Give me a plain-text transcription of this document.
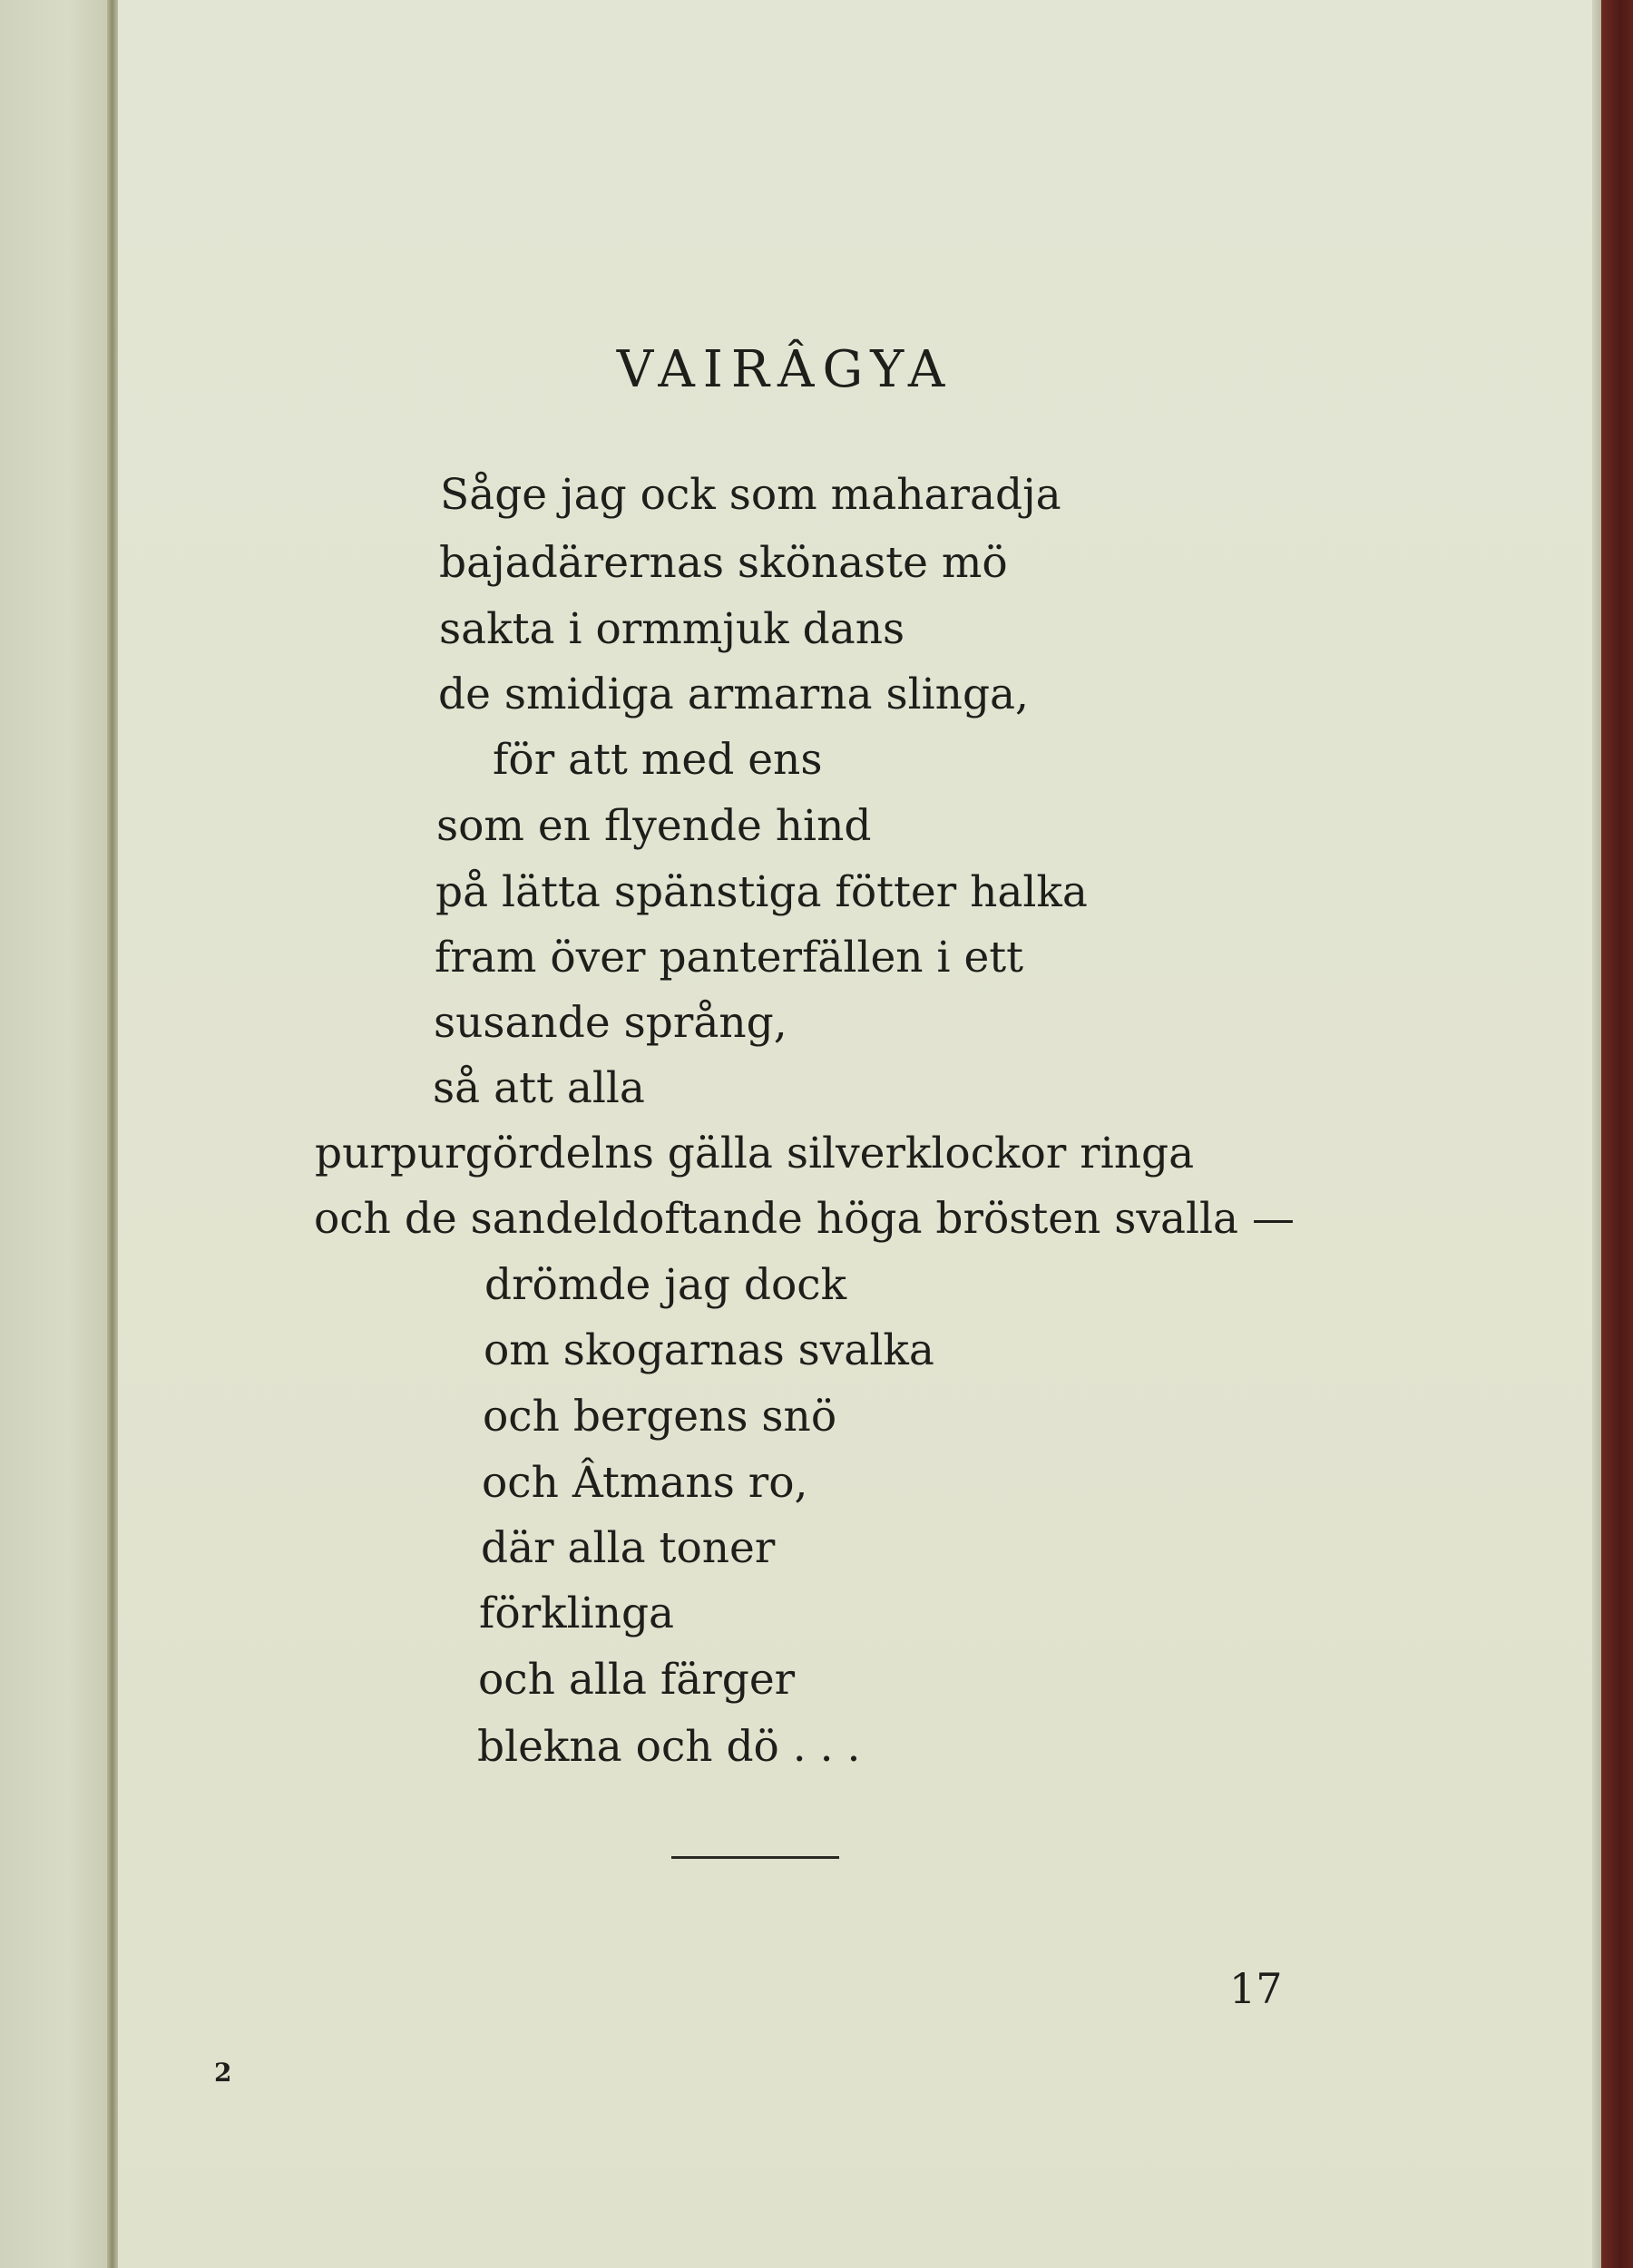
VAIRÂGYA
Såge jag ock som maharadja
bajadärernas skönaste mö
sakta i ormmjuk dans
de smidiga armarna slinga,
för att med ens
som en flyende hind
på lätta spänstiga fötter halka
fram över panterfällen i ett
susande språng,
så att alla
purpurgördelns gälla silverklockor ringa
och de sandeldoftande höga brösten svalla —
drömde jag dock
om skogarnas svalka
och bergens snö
och Âtmans ro,
där alla toner
förklinga
och alla färger
blekna och dö . . .
17
2
